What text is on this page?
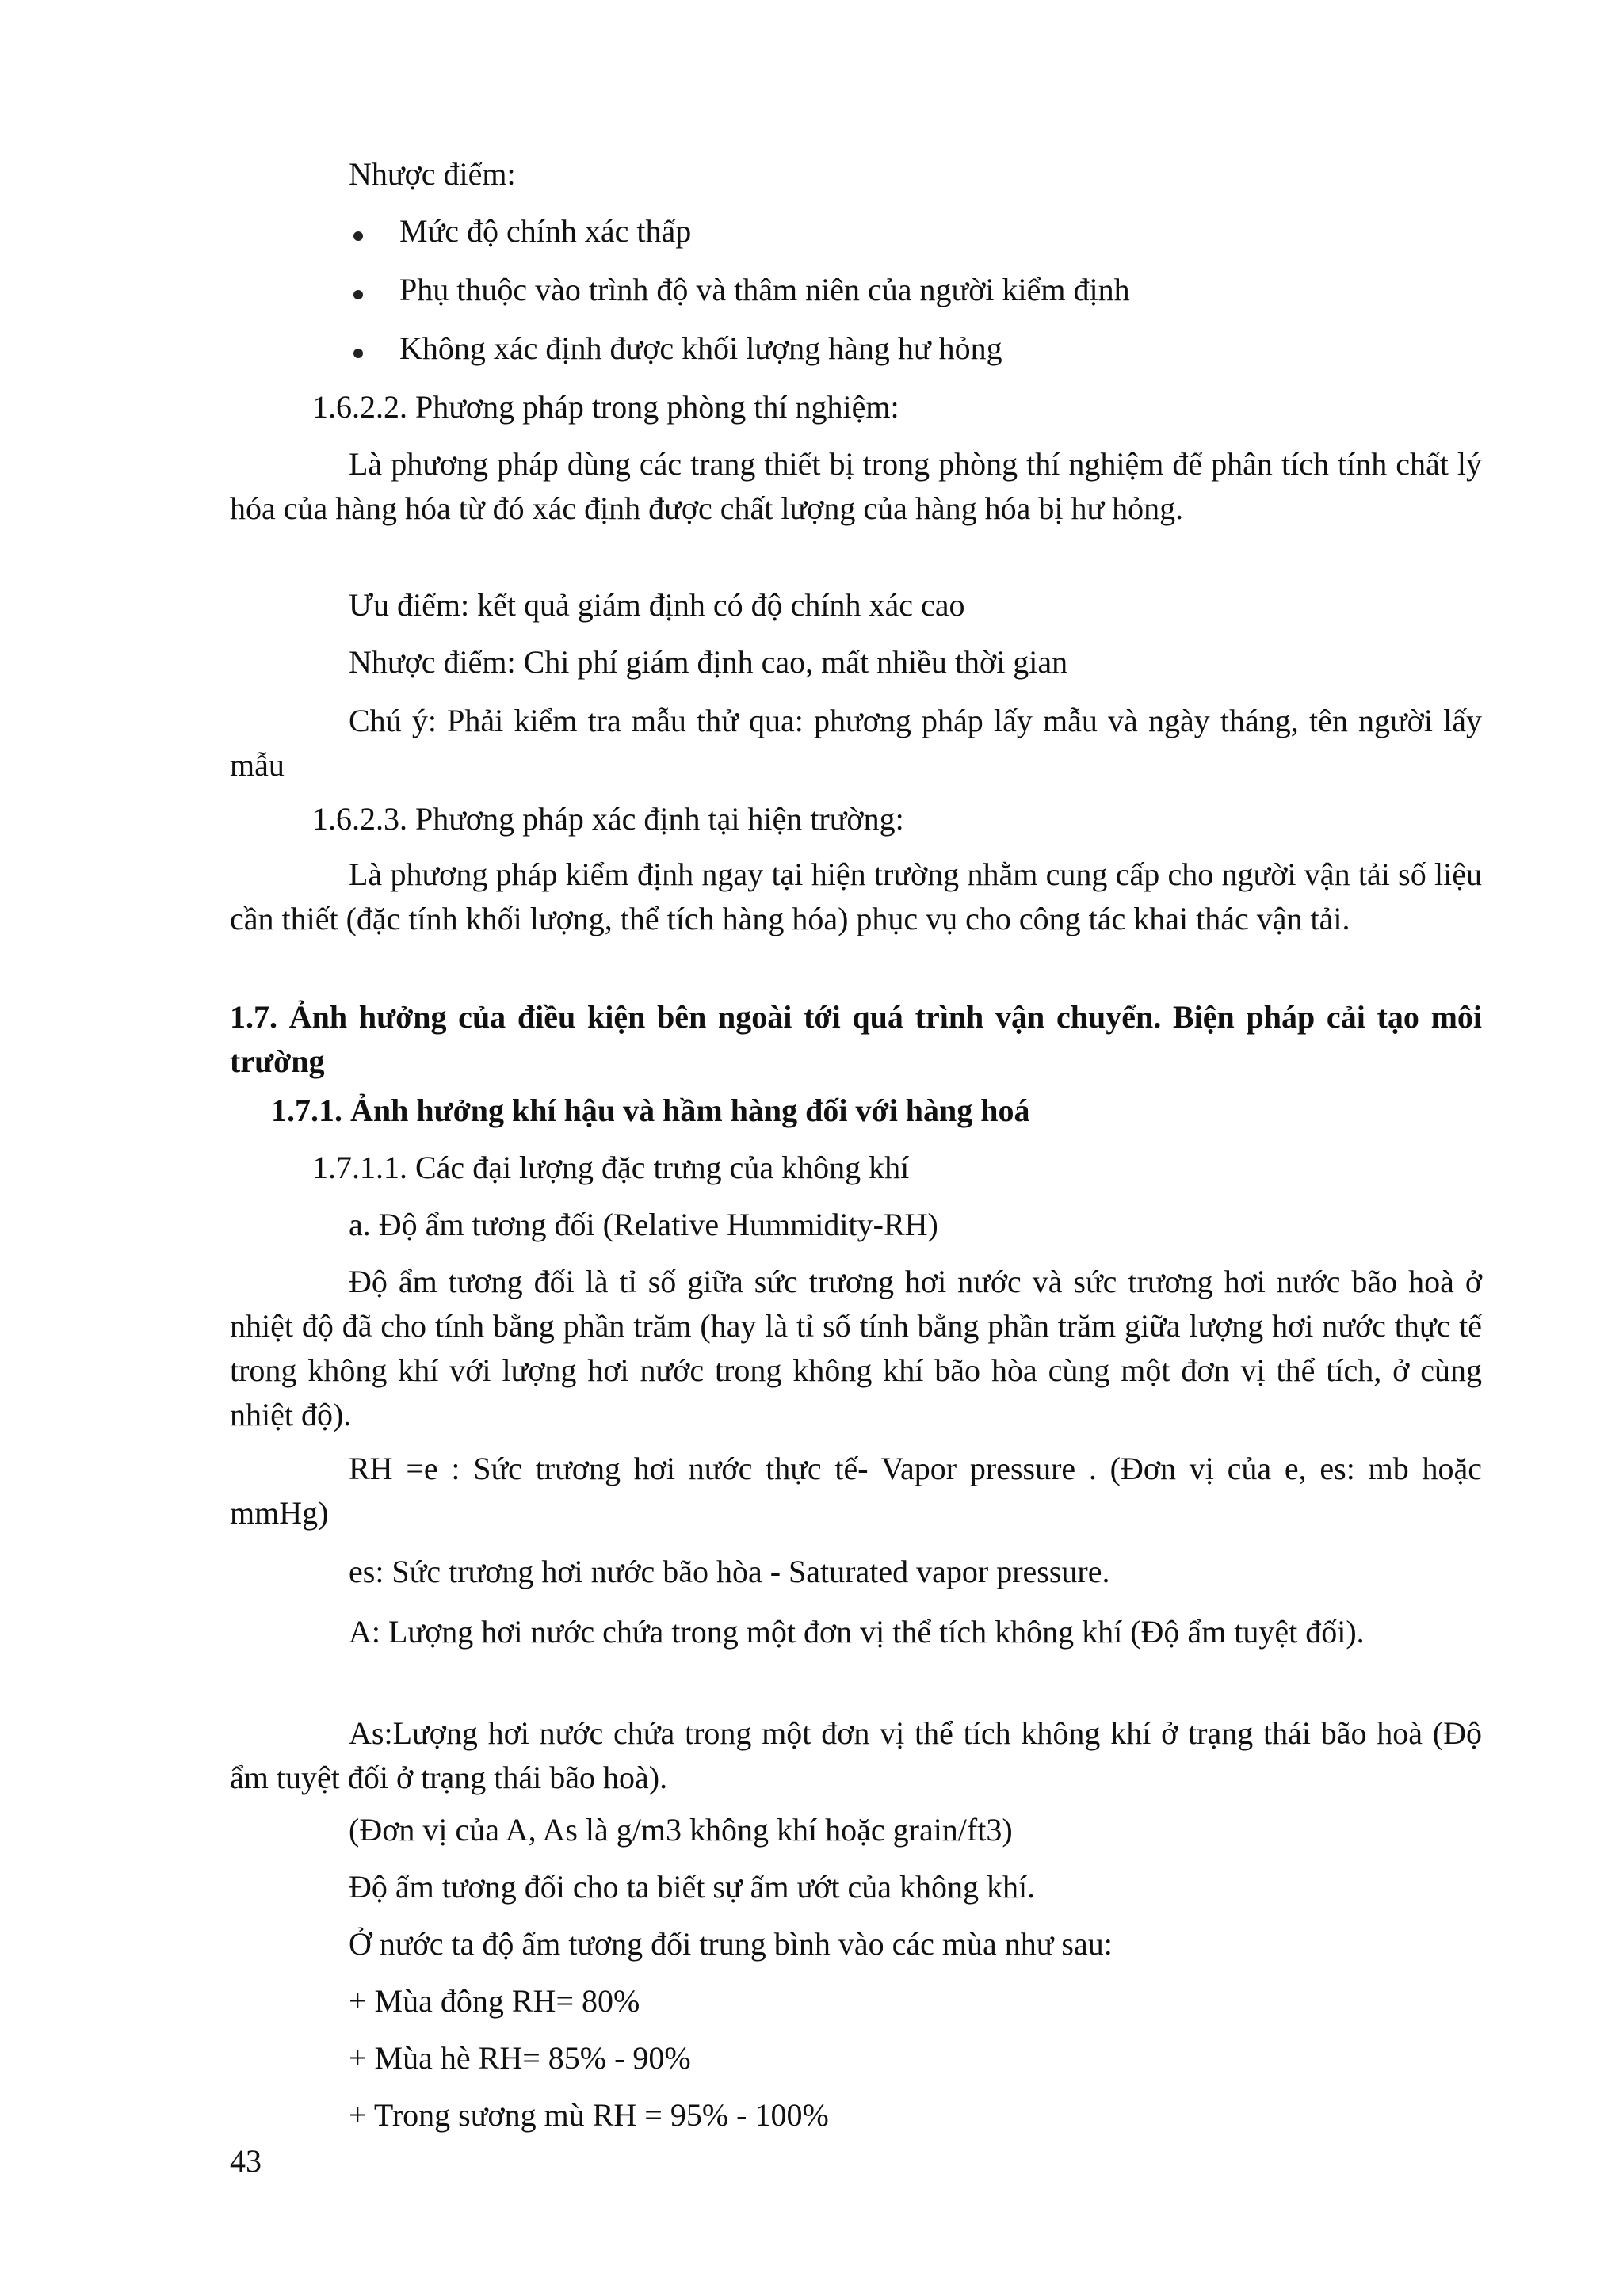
Nhược điểm:
Mức độ chính xác thấp
Phụ thuộc vào trình độ và thâm niên của người kiểm định
Không xác định được khối lượng hàng hư hỏng
1.6.2.2. Phương pháp trong phòng thí nghiệm:
Là phương pháp dùng các trang thiết bị trong phòng thí nghiệm để phân tích tính chất lý hóa của hàng hóa từ đó xác định được chất lượng của hàng hóa bị hư hỏng.
Ưu điểm: kết quả giám định có độ chính xác cao
Nhược điểm: Chi phí giám định cao, mất nhiều thời gian
Chú ý: Phải kiểm tra mẫu thử qua: phương pháp lấy mẫu và ngày tháng, tên người lấy mẫu
1.6.2.3. Phương pháp xác định tại hiện trường:
Là phương pháp kiểm định ngay tại hiện trường nhằm cung cấp cho người vận tải số liệu cần thiết (đặc tính khối lượng, thể tích hàng hóa) phục vụ cho công tác khai thác vận tải.
1.7. Ảnh hưởng của điều kiện bên ngoài tới quá trình vận chuyển. Biện pháp cải tạo môi trường
1.7.1. Ảnh hưởng khí hậu và hầm hàng đối với hàng hoá
1.7.1.1. Các đại lượng đặc trưng của không khí
a. Độ ẩm tương đối (Relative Hummidity-RH)
Độ ẩm tương đối là tỉ số giữa sức trương hơi nước và sức trương hơi nước bão hoà ở nhiệt độ đã cho tính bằng phần trăm (hay là tỉ số tính bằng phần trăm giữa lượng hơi nước thực tế trong không khí với lượng hơi nước trong không khí bão hòa cùng một đơn vị thể tích, ở cùng nhiệt độ).
RH =e : Sức trương hơi nước thực tế- Vapor pressure . (Đơn vị của e, es: mb hoặc mmHg)
es: Sức trương hơi nước bão hòa - Saturated vapor pressure.
A: Lượng hơi nước chứa trong một đơn vị thể tích không khí (Độ ẩm tuyệt đối).
As:Lượng hơi nước chứa trong một đơn vị thể tích không khí ở trạng thái bão hoà (Độ ẩm tuyệt đối ở trạng thái bão hoà).
(Đơn vị của A, As là g/m3 không khí hoặc grain/ft3)
Độ ẩm tương đối cho ta biết sự ẩm ướt của không khí.
Ở nước ta độ ẩm tương đối trung bình vào các mùa như sau:
+ Mùa đông RH= 80%
+ Mùa hè RH= 85% - 90%
+ Trong sương mù RH = 95% - 100%
43
